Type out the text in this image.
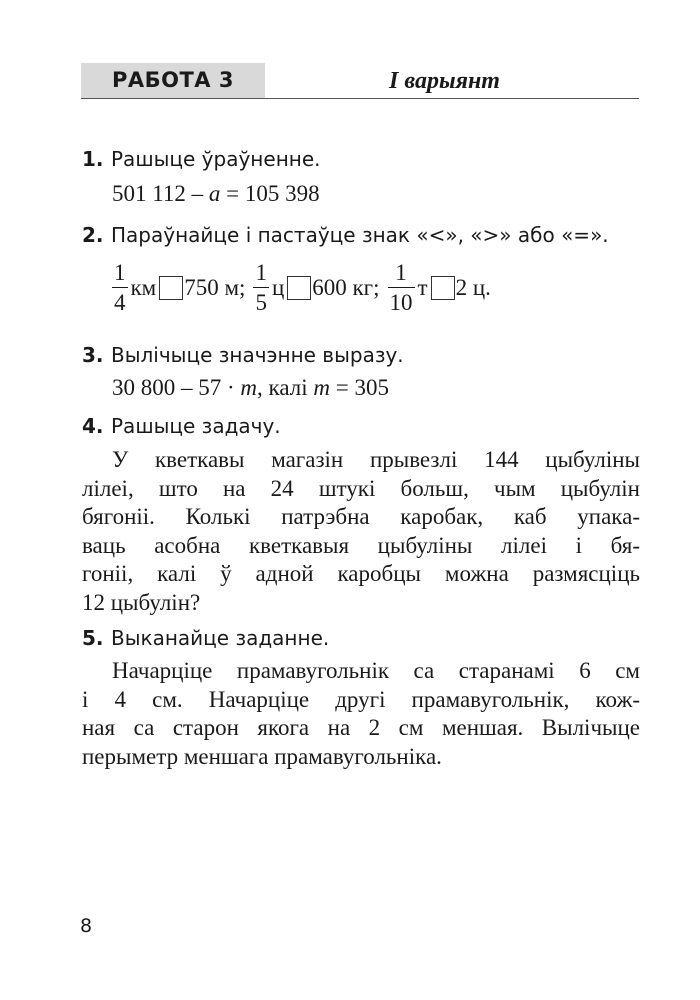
РАБОТА 3	I варыянт
1. Рашыце ўраўненне.
501 112 – a = 105 398
2. Параўнайце і пастаўце знак «<», «>» або «=».
$\frac{1}{4}$ км 750 м; $\frac{1}{5}$ ц 600 кг; $\frac{1}{10}$ т 2 ц.
3. Вылічыце значэнне выразу.
30 800 – 57 · m, калі m = 305
4. Рашыце задачу.
У кветкавы магазін прывезлі 144 цыбуліны
лілеі, што на 24 штукі больш, чым цыбулін
бягоніі. Колькі патрэбна каробак, каб упака-
ваць асобна кветкавыя цыбуліны лілеі і бя-
гоніі, калі ў адной каробцы можна размясціць
12 цыбулін?
5. Выканайце заданне.
Начарціце прамавугольнік са старанамі 6 см
і 4 см. Начарціце другі прамавугольнік, кож-
ная са старон якога на 2 см меншая. Вылічыце
перыметр меншага прамавугольніка.
8
